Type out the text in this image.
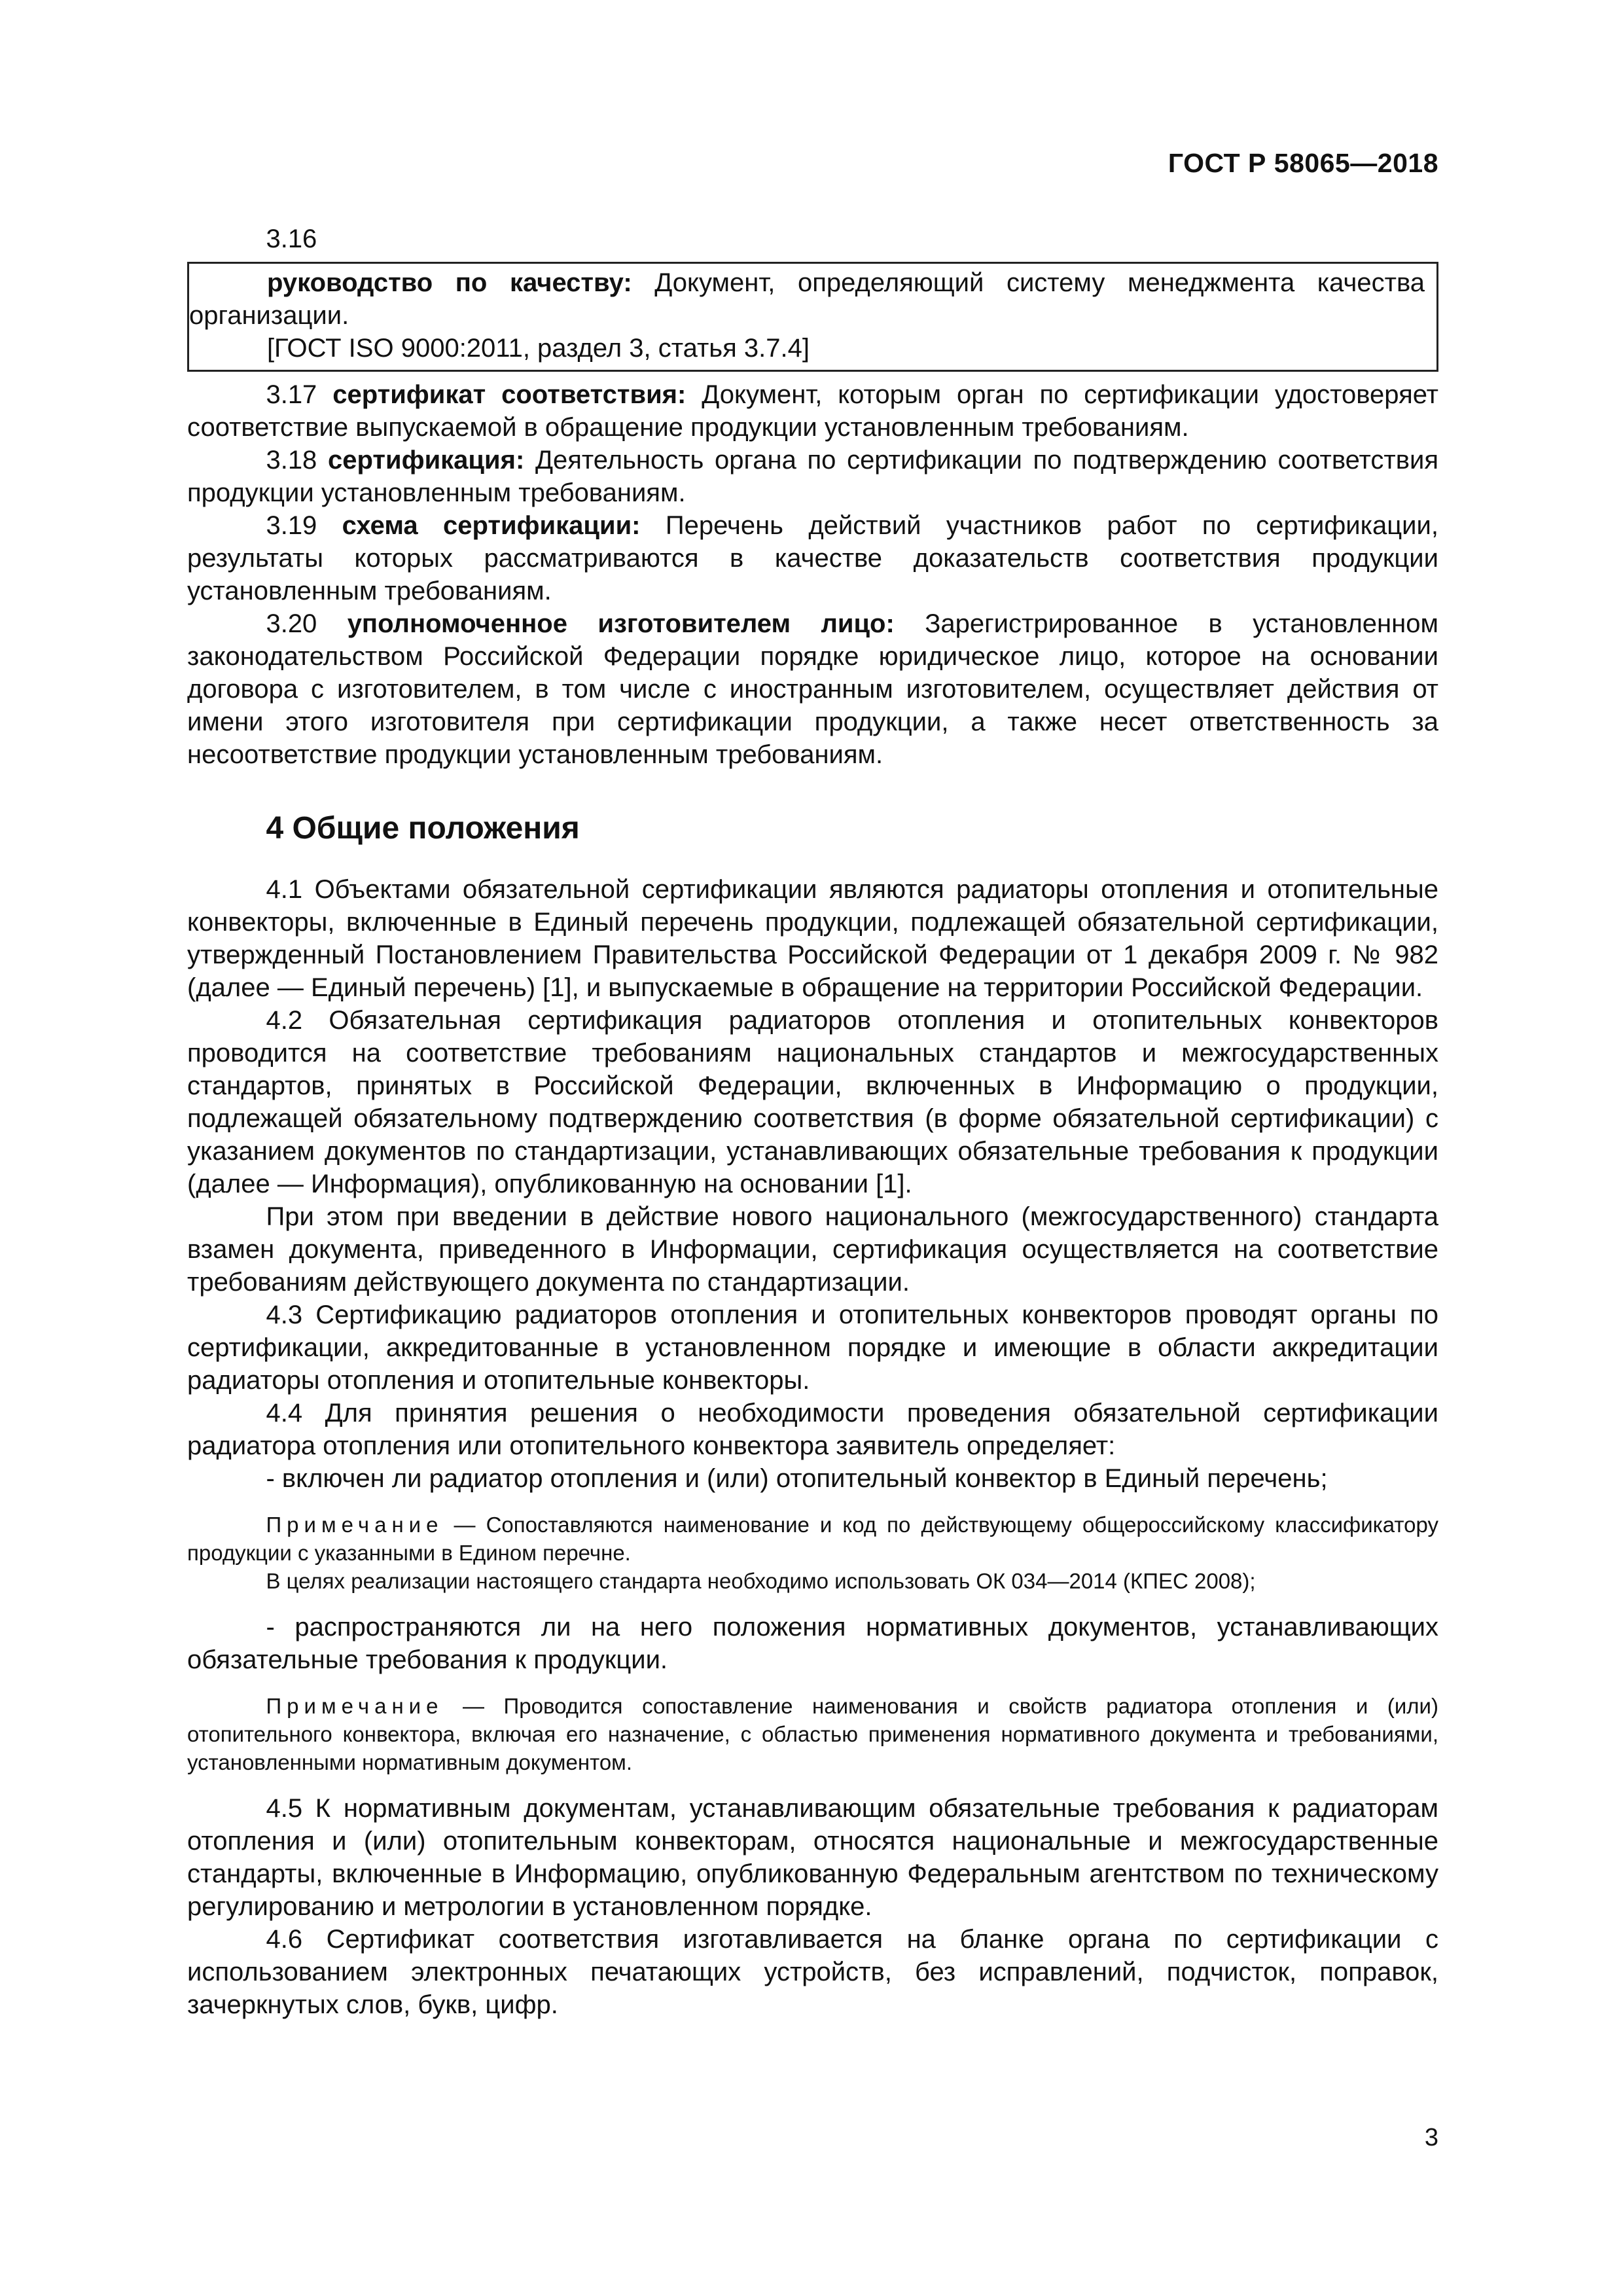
ГОСТ Р 58065—2018
3.16

руководство по качеству: Документ, определяющий систему менеджмента качества организации.

[ГОСТ ISO 9000:2011, раздел 3, статья 3.7.4]

3.17 сертификат соответствия: Документ, которым орган по сертификации удостоверяет соответствие выпускаемой в обращение продукции установленным требованиям.

3.18 сертификация: Деятельность органа по сертификации по подтверждению соответствия продукции установленным требованиям.

3.19 схема сертификации: Перечень действий участников работ по сертификации, результаты которых рассматриваются в качестве доказательств соответствия продукции установленным требованиям.

3.20 уполномоченное изготовителем лицо: Зарегистрированное в установленном законодательством Российской Федерации порядке юридическое лицо, которое на основании договора с изготовителем, в том числе с иностранным изготовителем, осуществляет действия от имени этого изготовителя при сертификации продукции, а также несет ответственность за несоответствие продукции установленным требованиям.

4 Общие положения

4.1 Объектами обязательной сертификации являются радиаторы отопления и отопительные конвекторы, включенные в Единый перечень продукции, подлежащей обязательной сертификации, утвержденный Постановлением Правительства Российской Федерации от 1 декабря 2009 г. № 982 (далее — Единый перечень) [1], и выпускаемые в обращение на территории Российской Федерации.

4.2 Обязательная сертификация радиаторов отопления и отопительных конвекторов проводится на соответствие требованиям национальных стандартов и межгосударственных стандартов, принятых в Российской Федерации, включенных в Информацию о продукции, подлежащей обязательному подтверждению соответствия (в форме обязательной сертификации) с указанием документов по стандартизации, устанавливающих обязательные требования к продукции (далее — Информация), опубликованную на основании [1].

При этом при введении в действие нового национального (межгосударственного) стандарта взамен документа, приведенного в Информации, сертификация осуществляется на соответствие требованиям действующего документа по стандартизации.

4.3 Сертификацию радиаторов отопления и отопительных конвекторов проводят органы по сертификации, аккредитованные в установленном порядке и имеющие в области аккредитации радиаторы отопления и отопительные конвекторы.

4.4 Для принятия решения о необходимости проведения обязательной сертификации радиатора отопления или отопительного конвектора заявитель определяет:

- включен ли радиатор отопления и (или) отопительный конвектор в Единый перечень;

Примечание — Сопоставляются наименование и код по действующему общероссийскому классификатору продукции с указанными в Едином перечне.

В целях реализации настоящего стандарта необходимо использовать ОК 034—2014 (КПЕС 2008);

- распространяются ли на него положения нормативных документов, устанавливающих обязательные требования к продукции.

Примечание — Проводится сопоставление наименования и свойств радиатора отопления и (или) отопительного конвектора, включая его назначение, с областью применения нормативного документа и требованиями, установленными нормативным документом.

4.5 К нормативным документам, устанавливающим обязательные требования к радиаторам отопления и (или) отопительным конвекторам, относятся национальные и межгосударственные стандарты, включенные в Информацию, опубликованную Федеральным агентством по техническому регулированию и метрологии в установленном порядке.

4.6 Сертификат соответствия изготавливается на бланке органа по сертификации с использованием электронных печатающих устройств, без исправлений, подчисток, поправок, зачеркнутых слов, букв, цифр.

3
